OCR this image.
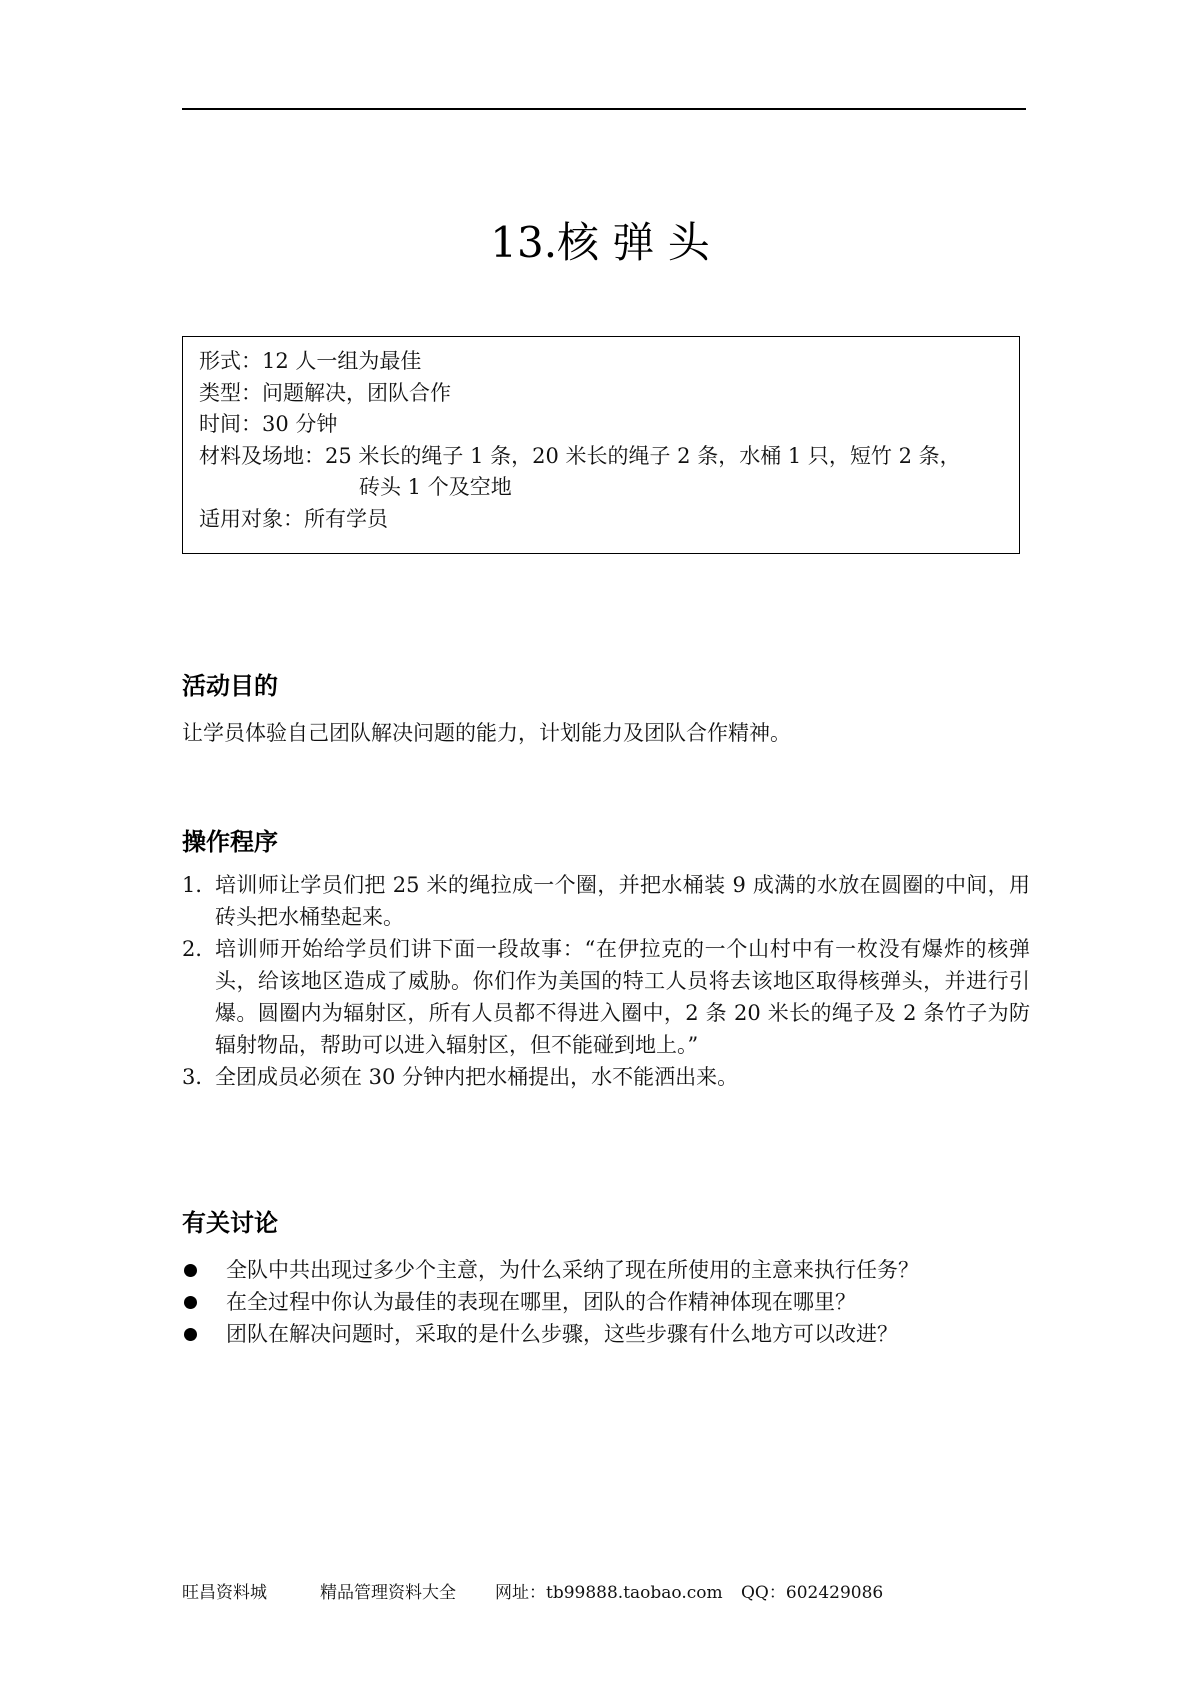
13.核 弹 头
形式：12 人一组为最佳
类型：问题解决，团队合作
时间：30 分钟
材料及场地：25 米长的绳子 1 条，20 米长的绳子 2 条，水桶 1 只，短竹 2 条，
砖头 1 个及空地
适用对象：所有学员
活动目的
让学员体验自己团队解决问题的能力，计划能力及团队合作精神。
操作程序
1．
培训师让学员们把 25 米的绳拉成一个圈，并把水桶装 9 成满的水放在圆圈的中间，用砖头把水桶垫起来。
2．
培训师开始给学员们讲下面一段故事：“在伊拉克的一个山村中有一枚没有爆炸的核弹头，给该地区造成了威胁。你们作为美国的特工人员将去该地区取得核弹头，并进行引爆。圆圈内为辐射区，所有人员都不得进入圈中，2 条 20 米长的绳子及 2 条竹子为防辐射物品，帮助可以进入辐射区，但不能碰到地上。”
3．
全团成员必须在 30 分钟内把水桶提出，水不能洒出来。
有关讨论
全队中共出现过多少个主意，为什么采纳了现在所使用的主意来执行任务？
在全过程中你认为最佳的表现在哪里，团队的合作精神体现在哪里？
团队在解决问题时，采取的是什么步骤，这些步骤有什么地方可以改进？
旺昌资料城	精品管理资料大全 网址：tb99888.taobao.com QQ：602429086
